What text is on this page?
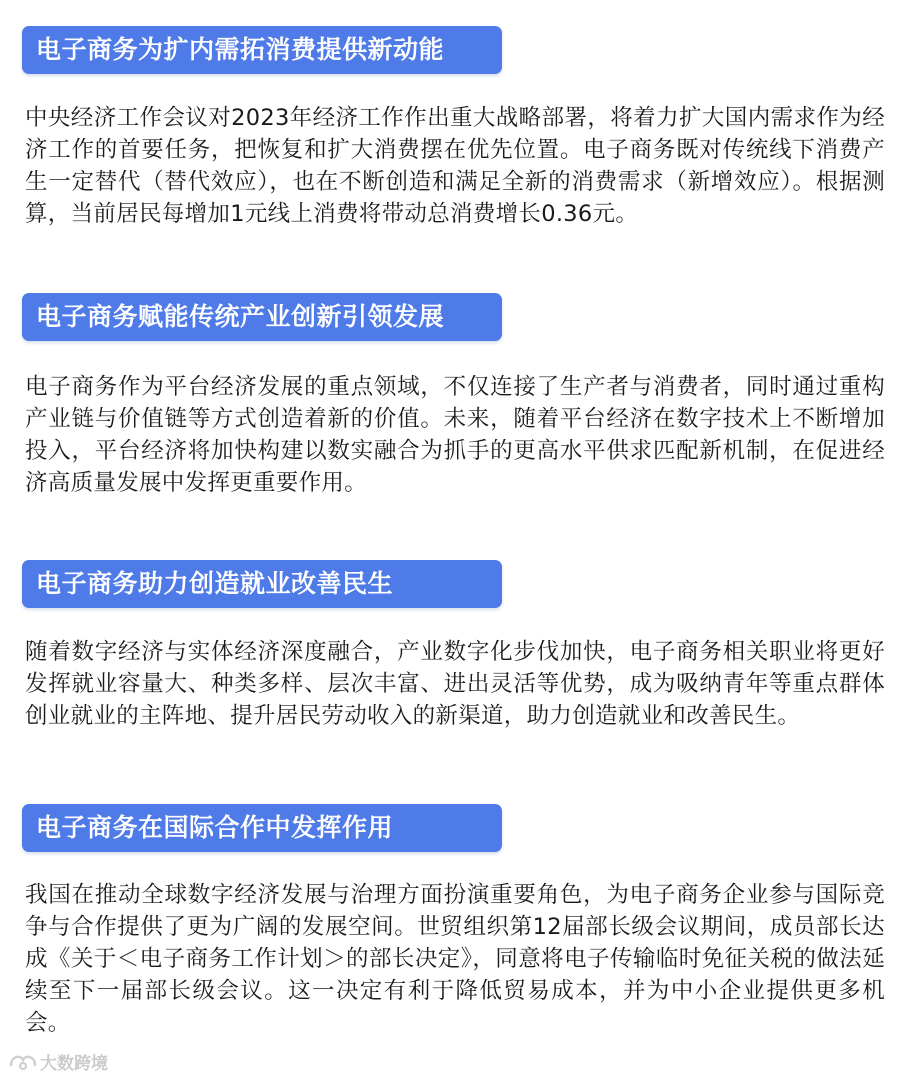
电子商务为扩内需拓消费提供新动能

中央经济工作会议对2023年经济工作作出重大战略部署，将着力扩大国内需求作为经济工作的首要任务，把恢复和扩大消费摆在优先位置。电子商务既对传统线下消费产生一定替代（替代效应），也在不断创造和满足全新的消费需求（新增效应）。根据测算，当前居民每增加1元线上消费将带动总消费增长0.36元。

电子商务赋能传统产业创新引领发展

电子商务作为平台经济发展的重点领域，不仅连接了生产者与消费者，同时通过重构产业链与价值链等方式创造着新的价值。未来，随着平台经济在数字技术上不断增加投入，平台经济将加快构建以数实融合为抓手的更高水平供求匹配新机制，在促进经济高质量发展中发挥更重要作用。

电子商务助力创造就业改善民生

随着数字经济与实体经济深度融合，产业数字化步伐加快，电子商务相关职业将更好发挥就业容量大、种类多样、层次丰富、进出灵活等优势，成为吸纳青年等重点群体创业就业的主阵地、提升居民劳动收入的新渠道，助力创造就业和改善民生。

电子商务在国际合作中发挥作用

我国在推动全球数字经济发展与治理方面扮演重要角色，为电子商务企业参与国际竞争与合作提供了更为广阔的发展空间。世贸组织第12届部长级会议期间，成员部长达成《关于＜电子商务工作计划＞的部长决定》，同意将电子传输临时免征关税的做法延续至下一届部长级会议。这一决定有利于降低贸易成本，并为中小企业提供更多机会。

大数跨境
